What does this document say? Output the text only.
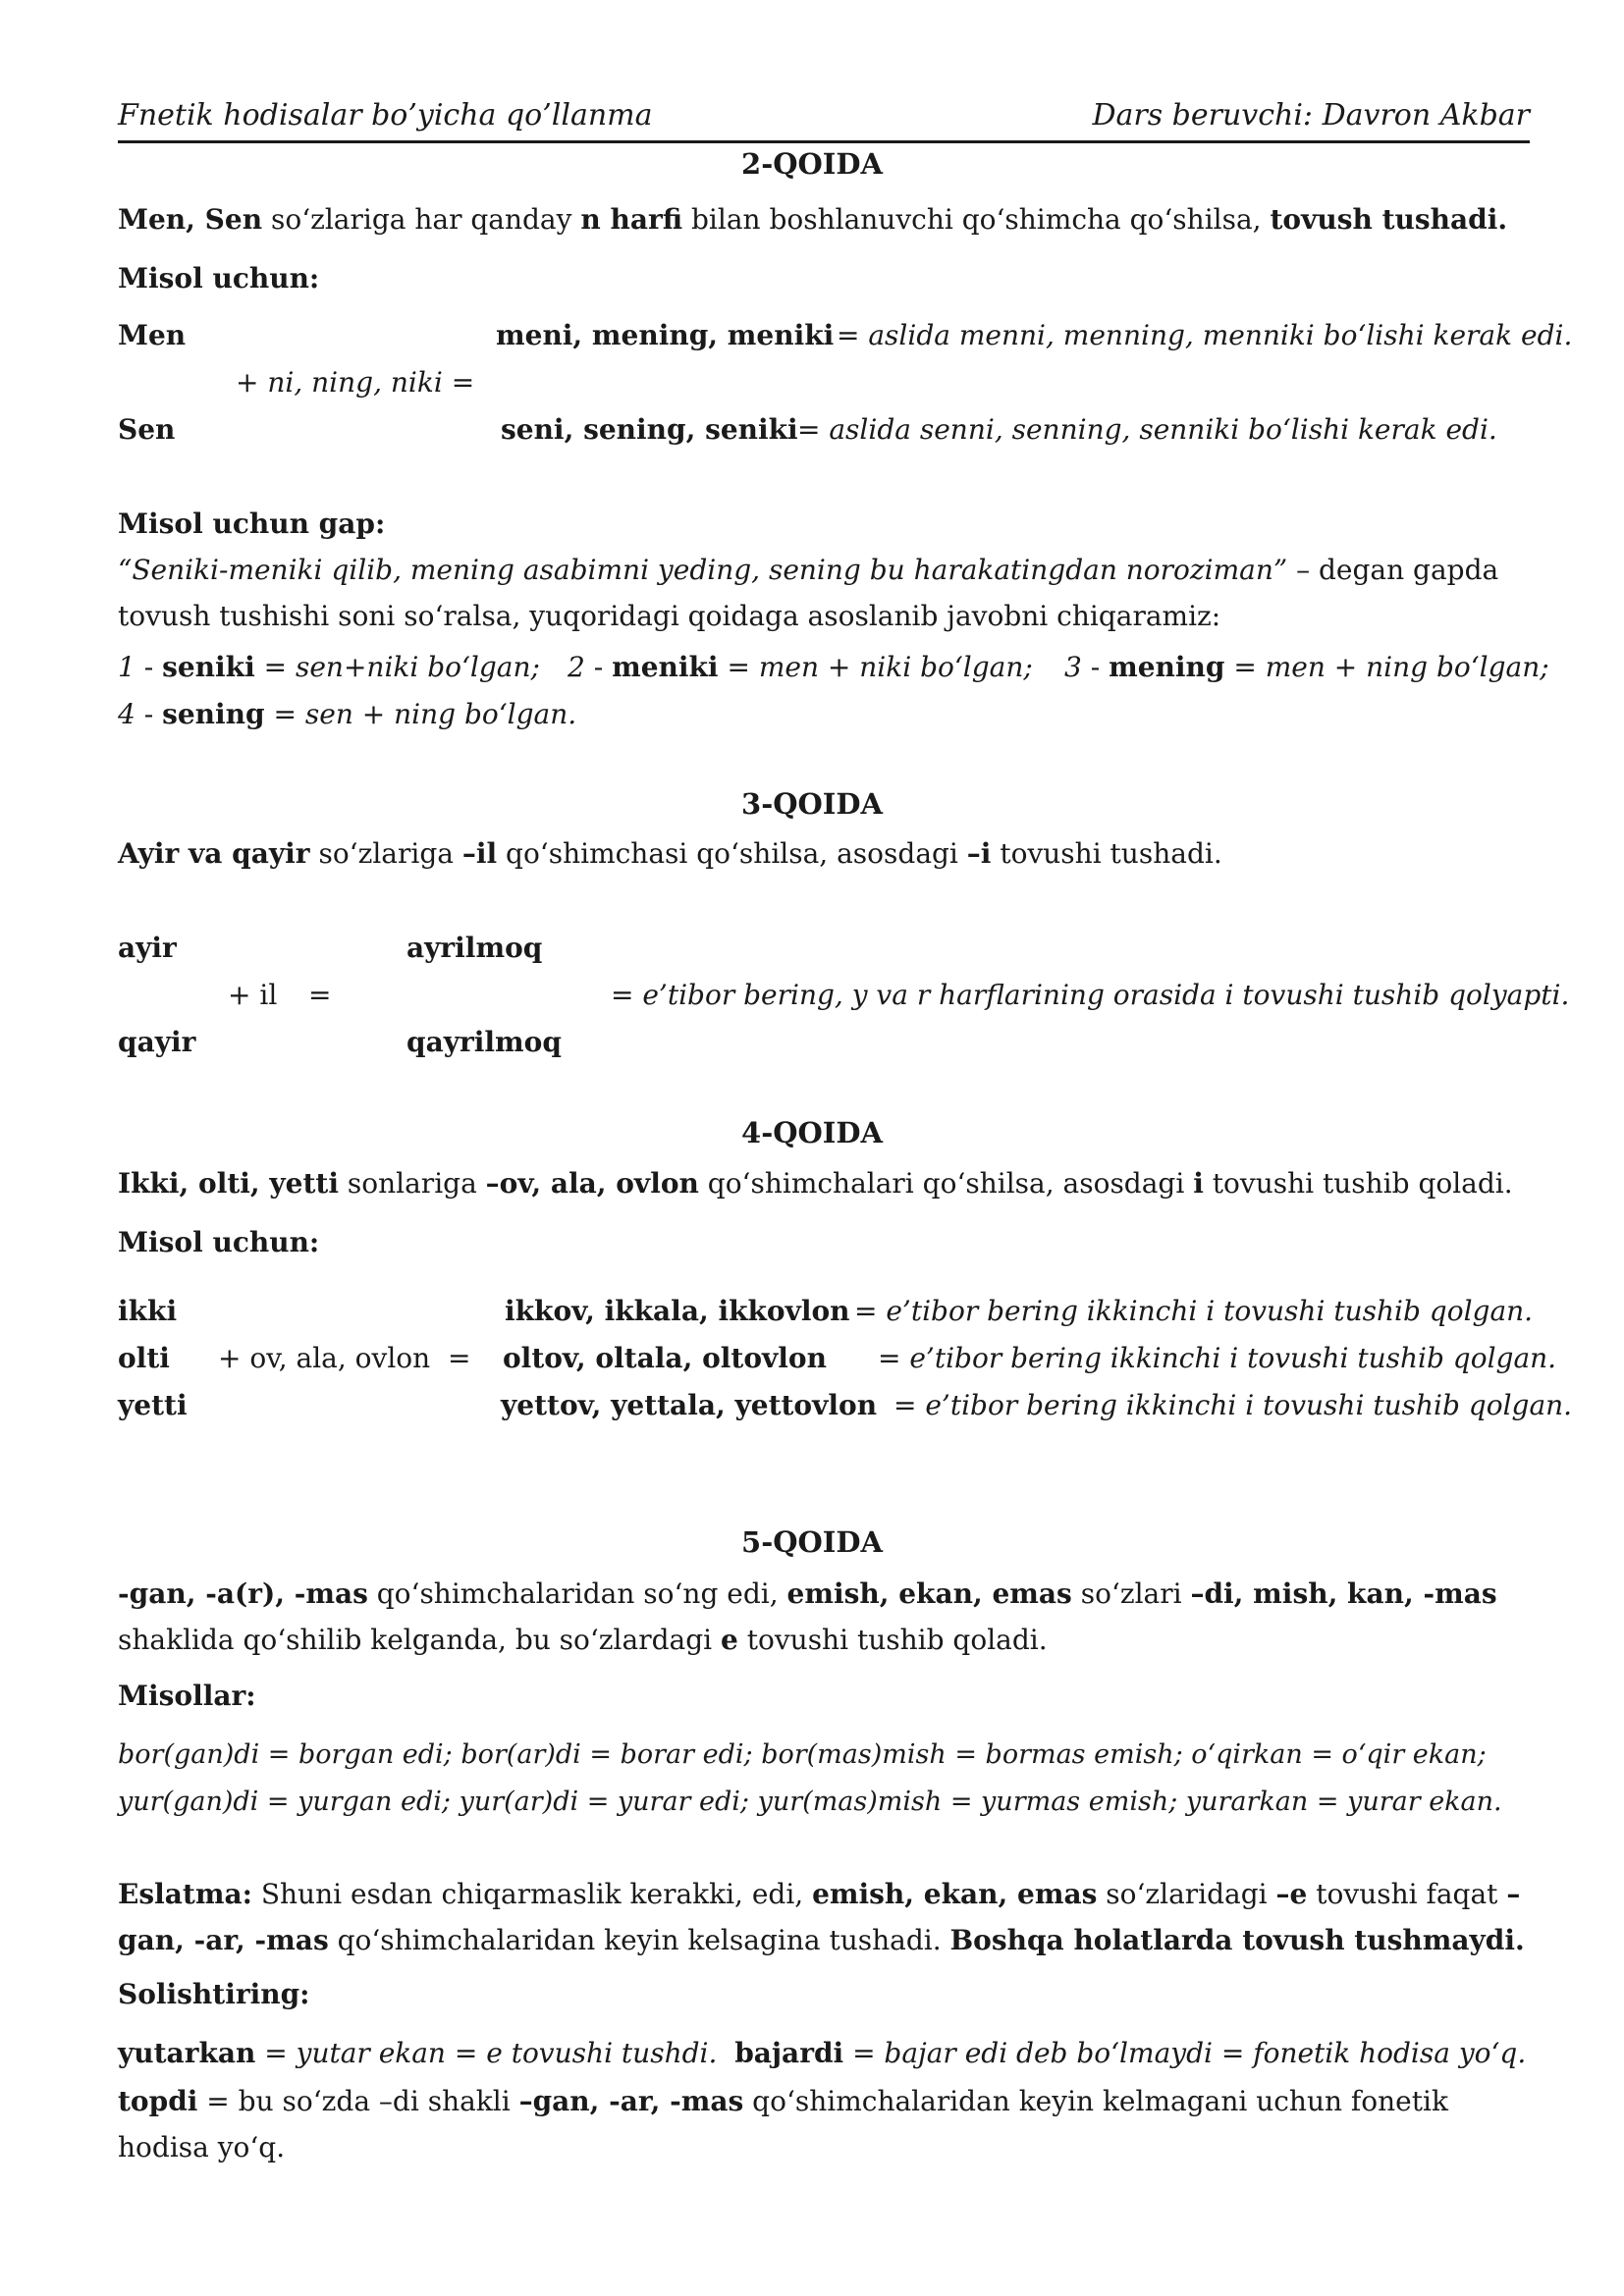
Fnetik hodisalar bo’yicha qo’llanma	Dars beruvchi: Davron Akbar
2-QOIDA
Men, Sen so‘zlariga har qanday n harfi bilan boshlanuvchi qo‘shimcha qo‘shilsa, tovush tushadi.
Misol uchun:
Men	meni, mening, meniki = aslida menni, menning, menniki bo‘lishi kerak edi.
+ ni, ning, niki =
Sen	seni, sening, seniki = aslida senni, senning, senniki bo‘lishi kerak edi.
Misol uchun gap:
“Seniki-meniki qilib, mening asabimni yeding, sening bu harakatingdan noroziman” – degan gapda tovush tushishi soni so‘ralsa, yuqoridagi qoidaga asoslanib javobni chiqaramiz:
1 - seniki = sen+niki bo‘lgan; 2 - meniki = men + niki bo‘lgan; 3 - mening = men + ning bo‘lgan;
4 - sening = sen + ning bo‘lgan.
3-QOIDA
Ayir va qayir so‘zlariga –il qo‘shimchasi qo‘shilsa, asosdagi –i tovushi tushadi.
ayir	ayrilmoq
+ il =	= e’tibor bering, y va r harflarining orasida i tovushi tushib qolyapti.
qayir	qayrilmoq
4-QOIDA
Ikki, olti, yetti sonlariga –ov, ala, ovlon qo‘shimchalari qo‘shilsa, asosdagi i tovushi tushib qoladi.
Misol uchun:
ikki	ikkov, ikkala, ikkovlon = e’tibor bering ikkinchi i tovushi tushib qolgan.
olti + ov, ala, ovlon = oltov, oltala, oltovlon = e’tibor bering ikkinchi i tovushi tushib qolgan.
yetti	yettov, yettala, yettovlon = e’tibor bering ikkinchi i tovushi tushib qolgan.
5-QOIDA
-gan, -a(r), -mas qo‘shimchalaridan so‘ng edi, emish, ekan, emas so‘zlari –di, mish, kan, -mas shaklida qo‘shilib kelganda, bu so‘zlardagi e tovushi tushib qoladi.
Misollar:
bor(gan)di = borgan edi; bor(ar)di = borar edi; bor(mas)mish = bormas emish; o‘qirkan = o‘qir ekan;
yur(gan)di = yurgan edi; yur(ar)di = yurar edi; yur(mas)mish = yurmas emish; yurarkan = yurar ekan.
Eslatma: Shuni esdan chiqarmaslik kerakki, edi, emish, ekan, emas so‘zlaridagi –e tovushi faqat –gan, -ar, -mas qo‘shimchalaridan keyin kelsagina tushadi. Boshqa holatlarda tovush tushmaydi.
Solishtiring:
yutarkan = yutar ekan = e tovushi tushdi. bajardi = bajar edi deb bo‘lmaydi = fonetik hodisa yo‘q.
topdi = bu so‘zda –di shakli –gan, -ar, -mas qo‘shimchalaridan keyin kelmagani uchun fonetik hodisa yo‘q.
